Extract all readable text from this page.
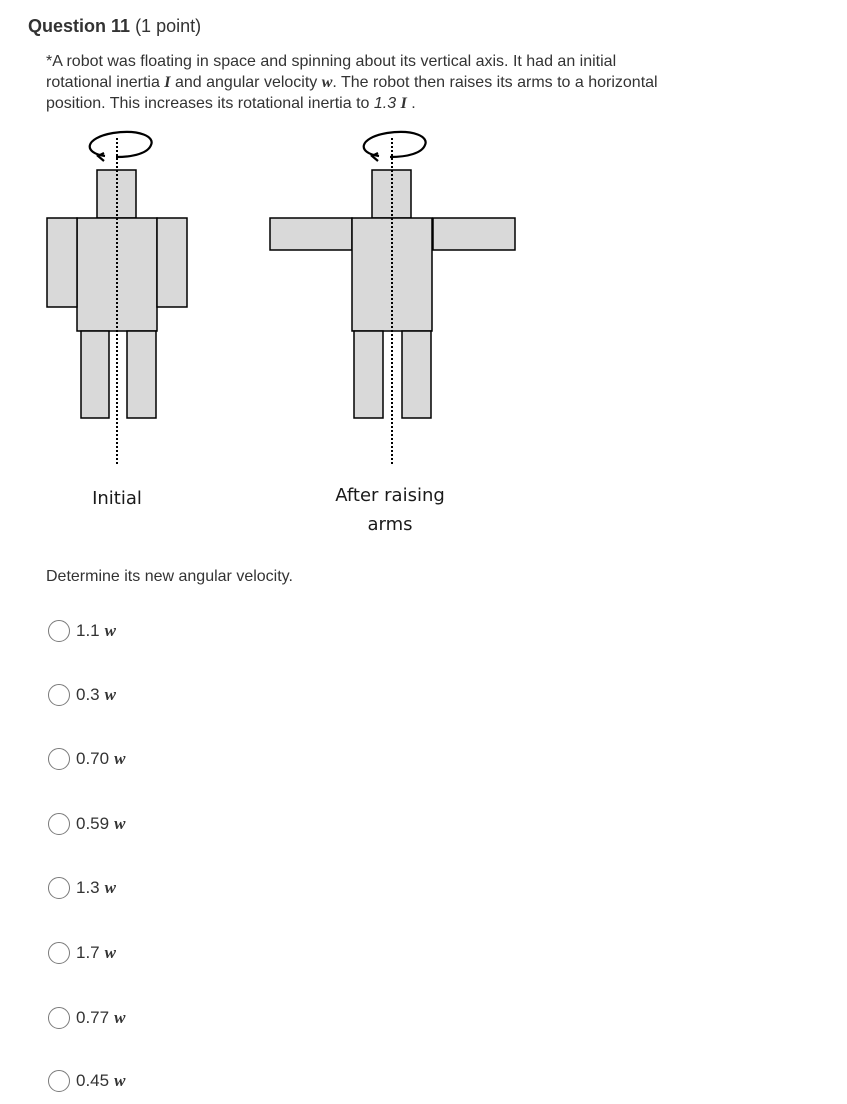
Question 11 (1 point)
*A robot was floating in space and spinning about its vertical axis. It had an initial
rotational inertia I and angular velocity w. The robot then raises its arms to a horizontal
position. This increases its rotational inertia to 1.3 I .
Initial	After raising
arms
Determine its new angular velocity.
1.1 w
0.3 w
0.70 w
0.59 w
1.3 w
1.7 w
0.77 w
0.45 w
